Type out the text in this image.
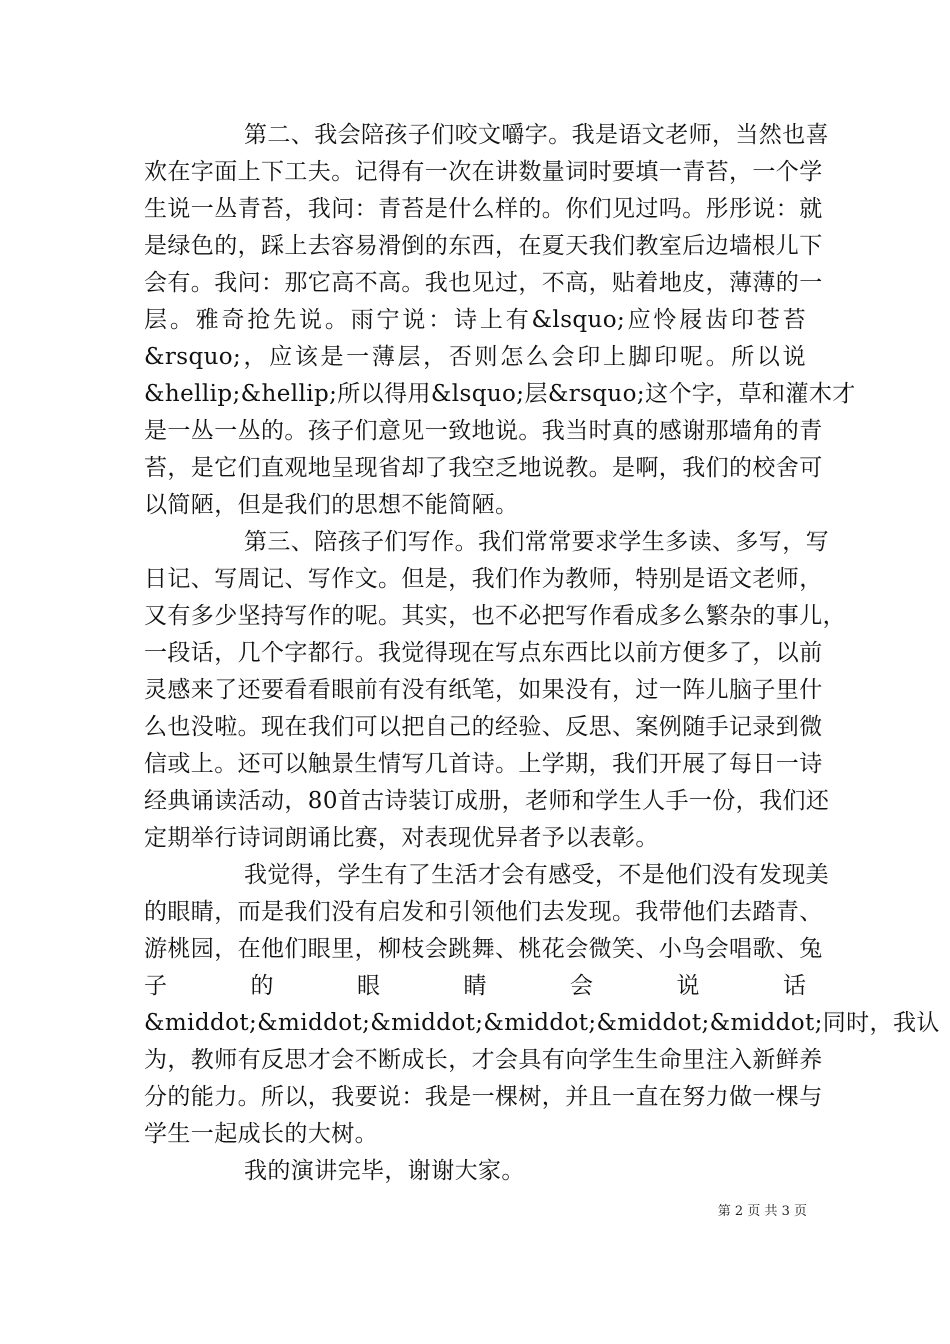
第二、我会陪孩子们咬文嚼字。我是语文老师，当然也喜
欢在字面上下工夫。记得有一次在讲数量词时要填一青苔，一个学
生说一丛青苔，我问：青苔是什么样的。你们见过吗。彤彤说：就
是绿色的，踩上去容易滑倒的东西，在夏天我们教室后边墙根儿下
会有。我问：那它高不高。我也见过，不高，贴着地皮，薄薄的一
层。雅奇抢先说。雨宁说：诗上有&lsquo;应怜屐齿印苍苔
&rsquo;，应该是一薄层，否则怎么会印上脚印呢。所以说
&hellip;&hellip;所以得用&lsquo;层&rsquo;这个字，草和灌木才
是一丛一丛的。孩子们意见一致地说。我当时真的感谢那墙角的青
苔，是它们直观地呈现省却了我空乏地说教。是啊，我们的校舍可
以简陋，但是我们的思想不能简陋。
第三、陪孩子们写作。我们常常要求学生多读、多写，写
日记、写周记、写作文。但是，我们作为教师，特别是语文老师，
又有多少坚持写作的呢。其实，也不必把写作看成多么繁杂的事儿，
一段话，几个字都行。我觉得现在写点东西比以前方便多了，以前
灵感来了还要看看眼前有没有纸笔，如果没有，过一阵儿脑子里什
么也没啦。现在我们可以把自己的经验、反思、案例随手记录到微
信或上。还可以触景生情写几首诗。上学期，我们开展了每日一诗
经典诵读活动，80首古诗装订成册，老师和学生人手一份，我们还
定期举行诗词朗诵比赛，对表现优异者予以表彰。
我觉得，学生有了生活才会有感受，不是他们没有发现美
的眼睛，而是我们没有启发和引领他们去发现。我带他们去踏青、
游桃园，在他们眼里，柳枝会跳舞、桃花会微笑、小鸟会唱歌、兔
子的眼睛会说话
&middot;&middot;&middot;&middot;&middot;&middot;同时，我认
为，教师有反思才会不断成长，才会具有向学生生命里注入新鲜养
分的能力。所以，我要说：我是一棵树，并且一直在努力做一棵与
学生一起成长的大树。
我的演讲完毕，谢谢大家。
第 2 页 共 3 页
